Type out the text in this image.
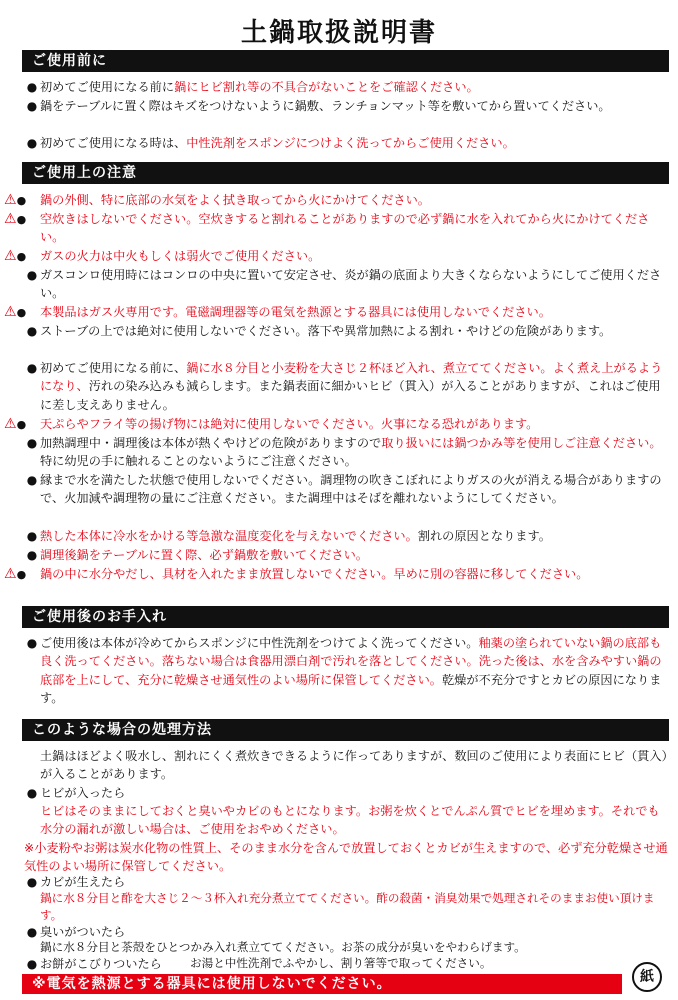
土鍋取扱説明書
ご使用前に
● 初めてご使用になる前に鍋にヒビ割れ等の不具合がないことをご確認ください。
● 鍋をテーブルに置く際はキズをつけないように鍋敷、ランチョンマット等を敷いてから置いてください。
● 初めてご使用になる時は、中性洗剤をスポンジにつけよく洗ってからご使用ください。
ご使用上の注意
⚠●	鍋の外側、特に底部の水気をよく拭き取ってから火にかけてください。
⚠●	空炊きはしないでください。空炊きすると割れることがありますので必ず鍋に水を入れてから火にかけてください。
⚠●	ガスの火力は中火もしくは弱火でご使用ください。
● ガスコンロ使用時にはコンロの中央に置いて安定させ、炎が鍋の底面より大きくならないようにしてご使用ください。
⚠●	本製品はガス火専用です。電磁調理器等の電気を熱源とする器具には使用しないでください。
● ストーブの上では絶対に使用しないでください。落下や異常加熱による割れ・やけどの危険があります。
● 初めてご使用になる前に、鍋に水８分目と小麦粉を大さじ２杯ほど入れ、煮立ててください。よく煮え上がるようになり、汚れの染み込みも減らします。また鍋表面に細かいヒビ（貫入）が入ることがありますが、これはご使用に差し支えありません。
⚠●	天ぷらやフライ等の揚げ物には絶対に使用しないでください。火事になる恐れがあります。
● 加熱調理中・調理後は本体が熱くやけどの危険がありますので取り扱いには鍋つかみ等を使用しご注意ください。特に幼児の手に触れることのないようにご注意ください。
● 縁まで水を満たした状態で使用しないでください。調理物の吹きこぼれによりガスの火が消える場合がありますので、火加減や調理物の量にご注意ください。また調理中はそばを離れないようにしてください。
● 熱した本体に冷水をかける等急激な温度変化を与えないでください。割れの原因となります。
● 調理後鍋をテーブルに置く際、必ず鍋敷を敷いてください。
⚠●	鍋の中に水分やだし、具材を入れたまま放置しないでください。早めに別の容器に移してください。
ご使用後のお手入れ
● ご使用後は本体が冷めてからスポンジに中性洗剤をつけてよく洗ってください。釉薬の塗られていない鍋の底部も良く洗ってください。落ちない場合は食器用漂白剤で汚れを落としてください。洗った後は、水を含みやすい鍋の底部を上にして、充分に乾燥させ通気性のよい場所に保管してください。乾燥が不充分ですとカビの原因になります。
このような場合の処理方法
土鍋はほどよく吸水し、割れにくく煮炊きできるように作ってありますが、数回のご使用により表面にヒビ（貫入）が入ることがあります。
● ヒビが入ったら
ヒビはそのままにしておくと臭いやカビのもとになります。お粥を炊くとでんぷん質でヒビを埋めます。それでも水分の漏れが激しい場合は、ご使用をおやめください。
※小麦粉やお粥は炭水化物の性質上、そのまま水分を含んで放置しておくとカビが生えますので、必ず充分乾燥させ通気性のよい場所に保管してください。
● カビが生えたら
鍋に水８分目と酢を大さじ２〜３杯入れ充分煮立ててください。酢の殺菌・消臭効果で処理されそのままお使い頂けます。
● 臭いがついたら
鍋に水８分目と茶殻をひとつかみ入れ煮立ててください。お茶の成分が臭いをやわらげます。
● お餅がこびりついたら	お湯と中性洗剤でふやかし、割り箸等で取ってください。
※電気を熱源とする器具には使用しないでください。	紙
